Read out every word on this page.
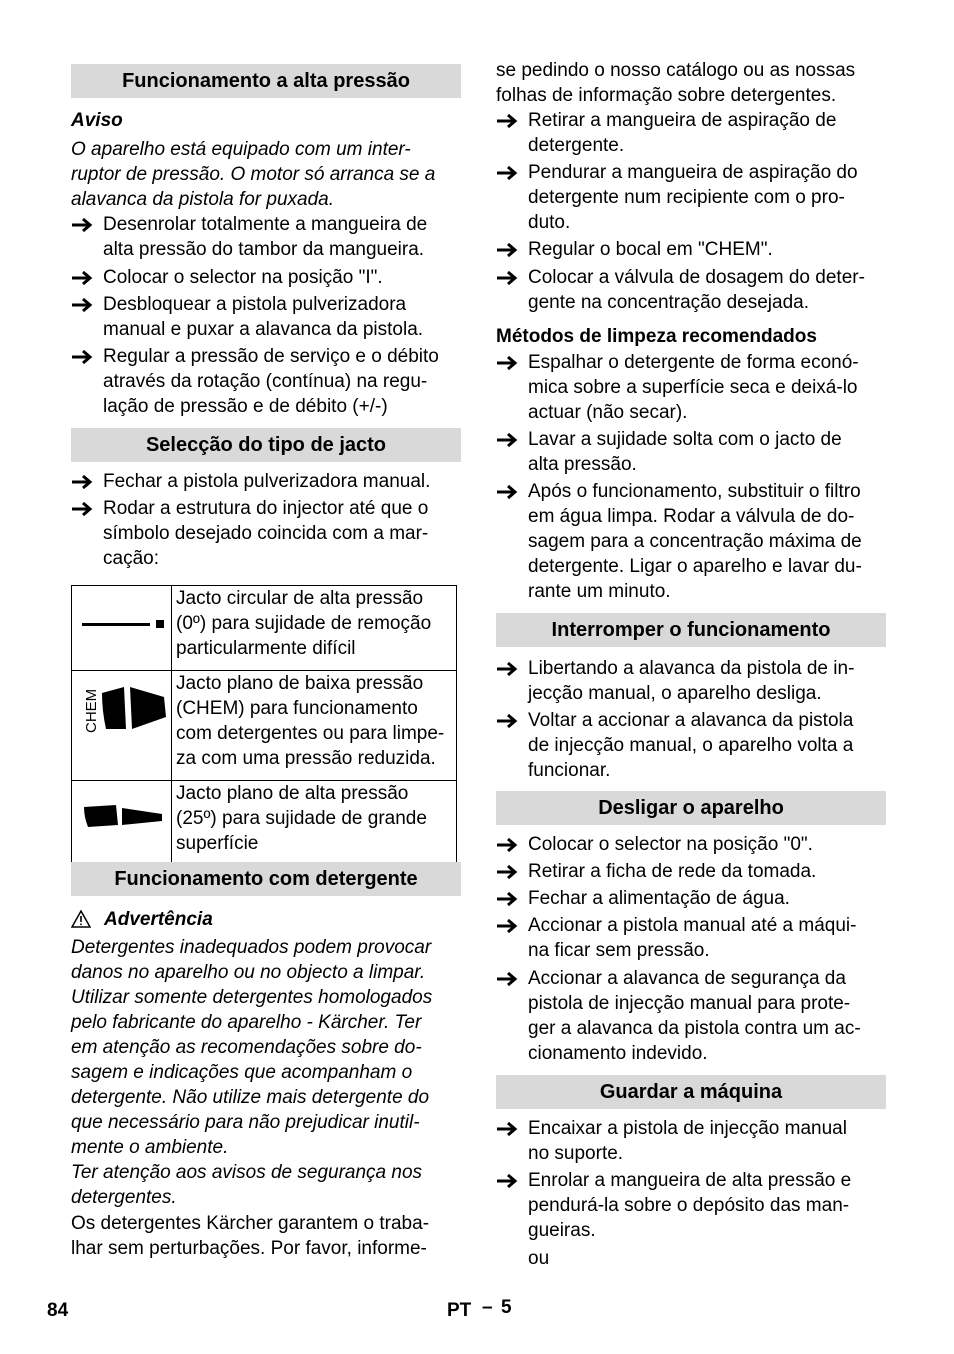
Funcionamento a alta pressão
Aviso
O aparelho está equipado com um inter-
ruptor de pressão. O motor só arranca se a
alavanca da pistola for puxada.
Desenrolar totalmente a mangueira de
alta pressão do tambor da mangueira.
Colocar o selector na posição "I".
Desbloquear a pistola pulverizadora
manual e puxar a alavanca da pistola.
Regular a pressão de serviço e o débito
através da rotação (contínua) na regu-
lação de pressão e de débito (+/-)
Selecção do tipo de jacto
Fechar a pistola pulverizadora manual.
Rodar a estrutura do injector até que o
símbolo desejado coincida com a mar-
cação:

Jacto circular de alta pressão
(0º) para sujidade de remoção
particularmente difícil

CHEM	Jacto plano de baixa pressão
(CHEM) para funcionamento
com detergentes ou para limpe-
za com uma pressão reduzida.

Jacto plano de alta pressão
(25º) para sujidade de grande
superfície
Funcionamento com detergente
Advertência
Detergentes inadequados podem provocar
danos no aparelho ou no objecto a limpar.
Utilizar somente detergentes homologados
pelo fabricante do aparelho - Kärcher. Ter
em atenção as recomendações sobre do-
sagem e indicações que acompanham o
detergente. Não utilize mais detergente do
que necessário para não prejudicar inutil-
mente o ambiente.
Ter atenção aos avisos de segurança nos
detergentes.
Os detergentes Kärcher garantem o traba-
lhar sem perturbações. Por favor, informe-
se pedindo o nosso catálogo ou as nossas
folhas de informação sobre detergentes.
Retirar a mangueira de aspiração de
detergente.
Pendurar a mangueira de aspiração do
detergente num recipiente com o pro-
duto.
Regular o bocal em "CHEM".
Colocar a válvula de dosagem do deter-
gente na concentração desejada.
Métodos de limpeza recomendados
Espalhar o detergente de forma econó-
mica sobre a superfície seca e deixá-lo
actuar (não secar).
Lavar a sujidade solta com o jacto de
alta pressão.
Após o funcionamento, substituir o filtro
em água limpa. Rodar a válvula de do-
sagem para a concentração máxima de
detergente. Ligar o aparelho e lavar du-
rante um minuto.
Interromper o funcionamento
Libertando a alavanca da pistola de in-
jecção manual, o aparelho desliga.
Voltar a accionar a alavanca da pistola
de injecção manual, o aparelho volta a
funcionar.
Desligar o aparelho
Colocar o selector na posição "0".
Retirar a ficha de rede da tomada.
Fechar a alimentação de água.
Accionar a pistola manual até a máqui-
na ficar sem pressão.
Accionar a alavanca de segurança da
pistola de injecção manual para prote-
ger a alavanca da pistola contra um ac-
cionamento indevido.
Guardar a máquina
Encaixar a pistola de injecção manual
no suporte.
Enrolar a mangueira de alta pressão e
pendurá-la sobre o depósito das man-
gueiras.
ou
84	PT – 5
